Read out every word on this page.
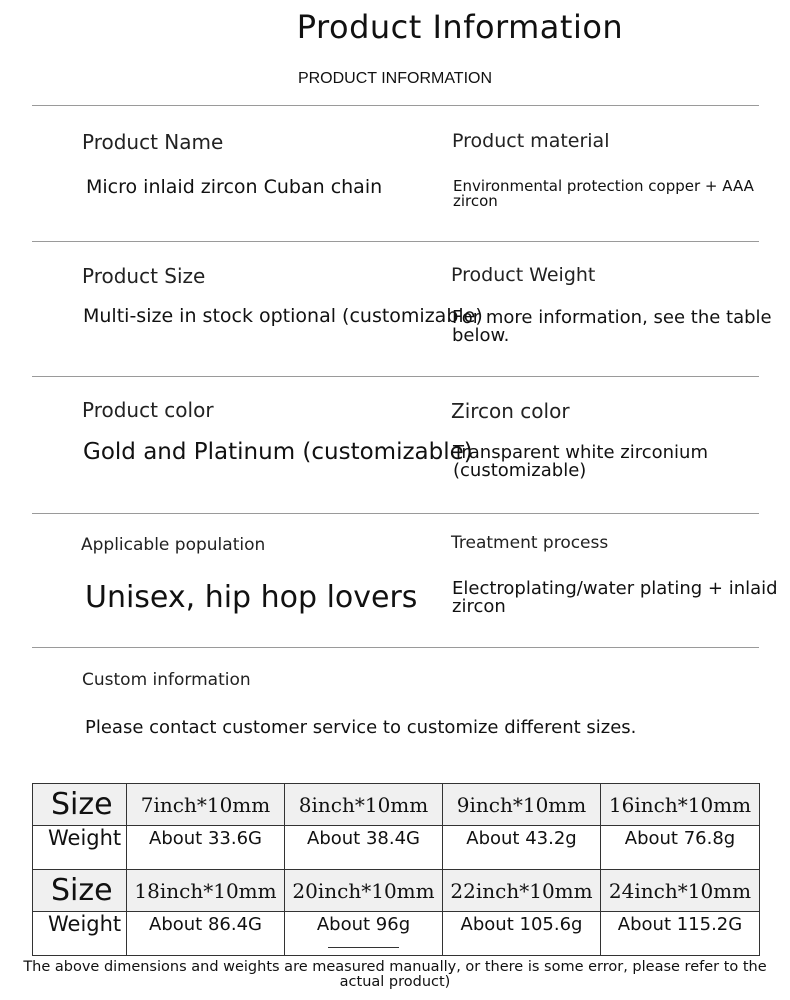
Product Information
PRODUCT INFORMATION
Product Name
Micro inlaid zircon Cuban chain
Product material
Environmental protection copper + AAA zircon
Product Size
Multi-size in stock optional (customizable)
Product Weight
For more information, see the table below.
Product color
Gold and Platinum (customizable)
Zircon color
Transparent white zirconium (customizable)
Applicable population
Unisex, hip hop lovers
Treatment process
Electroplating/water plating + inlaid zircon
Custom information
Please contact customer service to customize different sizes.
Size	7inch*10mm	8inch*10mm	9inch*10mm	16inch*10mm
Weight	About 33.6G	About 38.4G	About 43.2g	About 76.8g
Size	18inch*10mm	20inch*10mm	22inch*10mm	24inch*10mm
Weight	About 86.4G	About 96g	About 105.6g	About 115.2G
The above dimensions and weights are measured manually, or there is some error, please refer to the actual product)
